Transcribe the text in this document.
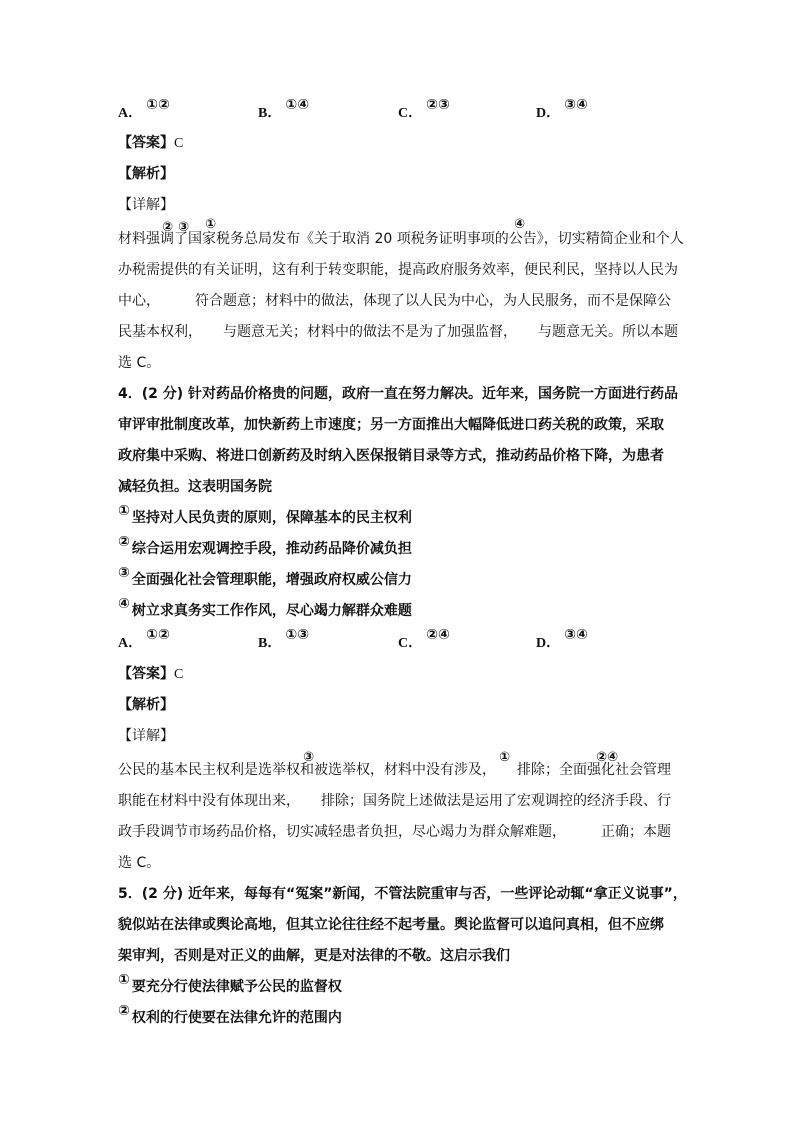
A．①②
B．①④
C．②③
D．③④
【答案】C
【解析】
【详解】
② ③ ①	④
材料强调了国家税务总局发布《关于取消 20 项税务证明事项的公告》，切实精简企业和个人
办税需提供的有关证明，这有利于转变职能，提高政府服务效率，便民利民，坚持以人民为
中心，　　　符合题意；材料中的做法，体现了以人民为中心，为人民服务，而不是保障公
民基本权利，　　与题意无关；材料中的做法不是为了加强监督，　　与题意无关。所以本题
选 C。
4．(2 分) 针对药品价格贵的问题，政府一直在努力解决。近年来，国务院一方面进行药品
审评审批制度改革，加快新药上市速度；另一方面推出大幅降低进口药关税的政策，采取
政府集中采购、将进口创新药及时纳入医保报销目录等方式，推动药品价格下降，为患者
减轻负担。这表明国务院
① 坚持对人民负责的原则，保障基本的民主权利
② 综合运用宏观调控手段，推动药品降价减负担
③ 全面强化社会管理职能，增强政府权威公信力
④ 树立求真务实工作作风，尽心竭力解群众难题
A．①②
B．①③
C．②④
D．③④
【答案】C
【解析】
【详解】
③	①	②④
公民的基本民主权利是选举权和被选举权，材料中没有涉及，　　排除；全面强化社会管理
职能在材料中没有体现出来，　　排除；国务院上述做法是运用了宏观调控的经济手段、行
政手段调节市场药品价格，切实减轻患者负担，尽心竭力为群众解难题，　　　正确；本题
选 C。
5．(2 分) 近年来，每每有“冤案”新闻，不管法院重审与否，一些评论动辄“拿正义说事”，
貌似站在法律或舆论高地，但其立论往往经不起考量。舆论监督可以追问真相，但不应绑
架审判，否则是对正义的曲解，更是对法律的不敬。这启示我们
① 要充分行使法律赋予公民的监督权
② 权利的行使要在法律允许的范围内
